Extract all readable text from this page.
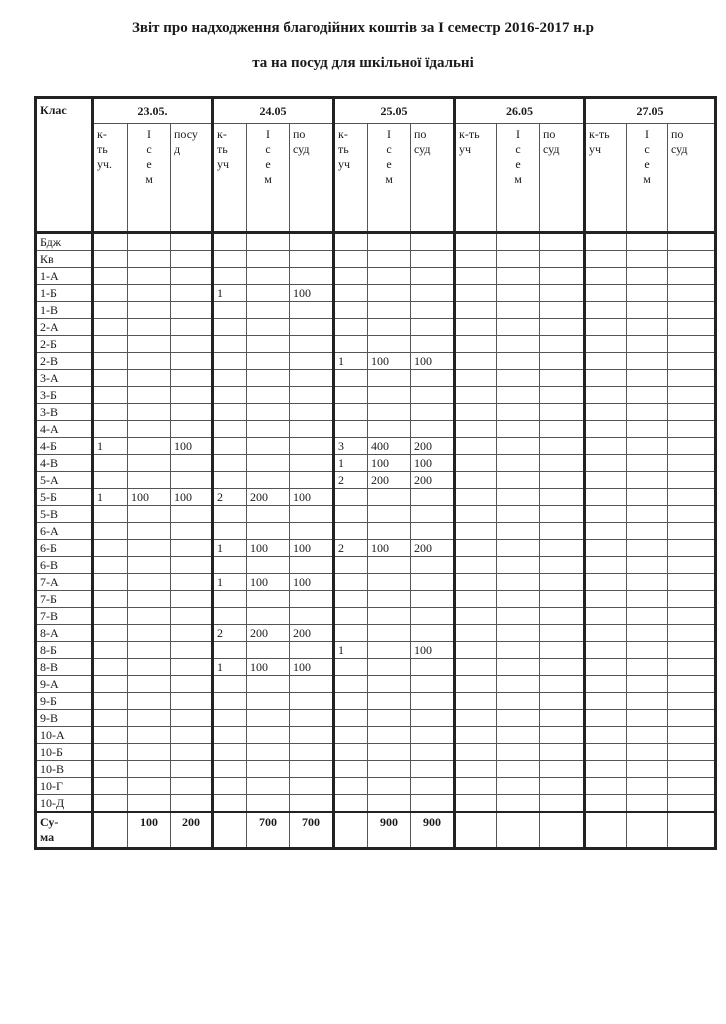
Звіт про надходження благодійних коштів за І семестр 2016-2017 н.р
та на посуд для шкільної їдальні
Клас	23.05.			24.05			25.05			26.05			27.05		
	к-
ть
уч.	І
с
е
м	посу
д	к-
ть
уч	І
с
е
м	по
суд	к-
ть
уч	І
с
е
м	по
суд	к-ть
уч	І
с
е
м	по
суд	к-ть
уч	І
с
е
м	по
суд
Бдж															
Кв															
1-А															
1-Б				1		100									
1-В															
2-А															
2-Б															
2-В							1	100	100						
3-А															
3-Б															
3-В															
4-А															
4-Б	1		100				3	400	200						
4-В							1	100	100						
5-А							2	200	200						
5-Б	1	100	100	2	200	100									
5-В															
6-А															
6-Б				1	100	100	2	100	200						
6-В															
7-А				1	100	100									
7-Б															
7-В															
8-А				2	200	200									
8-Б							1		100						
8-В				1	100	100									
9-А															
9-Б															
9-В															
10-А															
10-Б															
10-В															
10-Г															
10-Д															
Су-
ма		100	200		700	700		900	900						
